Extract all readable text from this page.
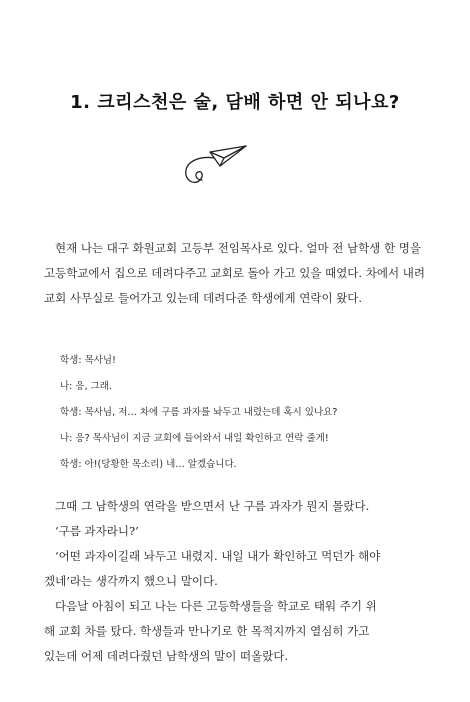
1. 크리스천은 술, 담배 하면 안 되나요?

현재 나는 대구 화원교회 고등부 전임목사로 있다. 얼마 전 남학생 한 명을 고등학교에서 집으로 데려다주고 교회로 돌아 가고 있을 때였다. 차에서 내려 교회 사무실로 들어가고 있는데 데려다준 학생에게 연락이 왔다.

학생: 목사님!
나: 응, 그래.
학생: 목사님, 저… 차에 구름 과자를 놔두고 내렸는데 혹시 있나요?
나: 응? 목사님이 지금 교회에 들어와서 내일 확인하고 연락 줄게!
학생: 아!(당황한 목소리) 네… 알겠습니다.

그때 그 남학생의 연락을 받으면서 난 구름 과자가 뭔지 몰랐다.

‘구름 과자라니?’

‘어떤 과자이길래 놔두고 내렸지. 내일 내가 확인하고 먹던가 해야

겠네’라는 생각까지 했으니 말이다.

다음날 아침이 되고 나는 다른 고등학생들을 학교로 태워 주기 위

해 교회 차를 탔다. 학생들과 만나기로 한 목적지까지 열심히 가고

있는데 어제 데려다줬던 남학생의 말이 떠올랐다.
